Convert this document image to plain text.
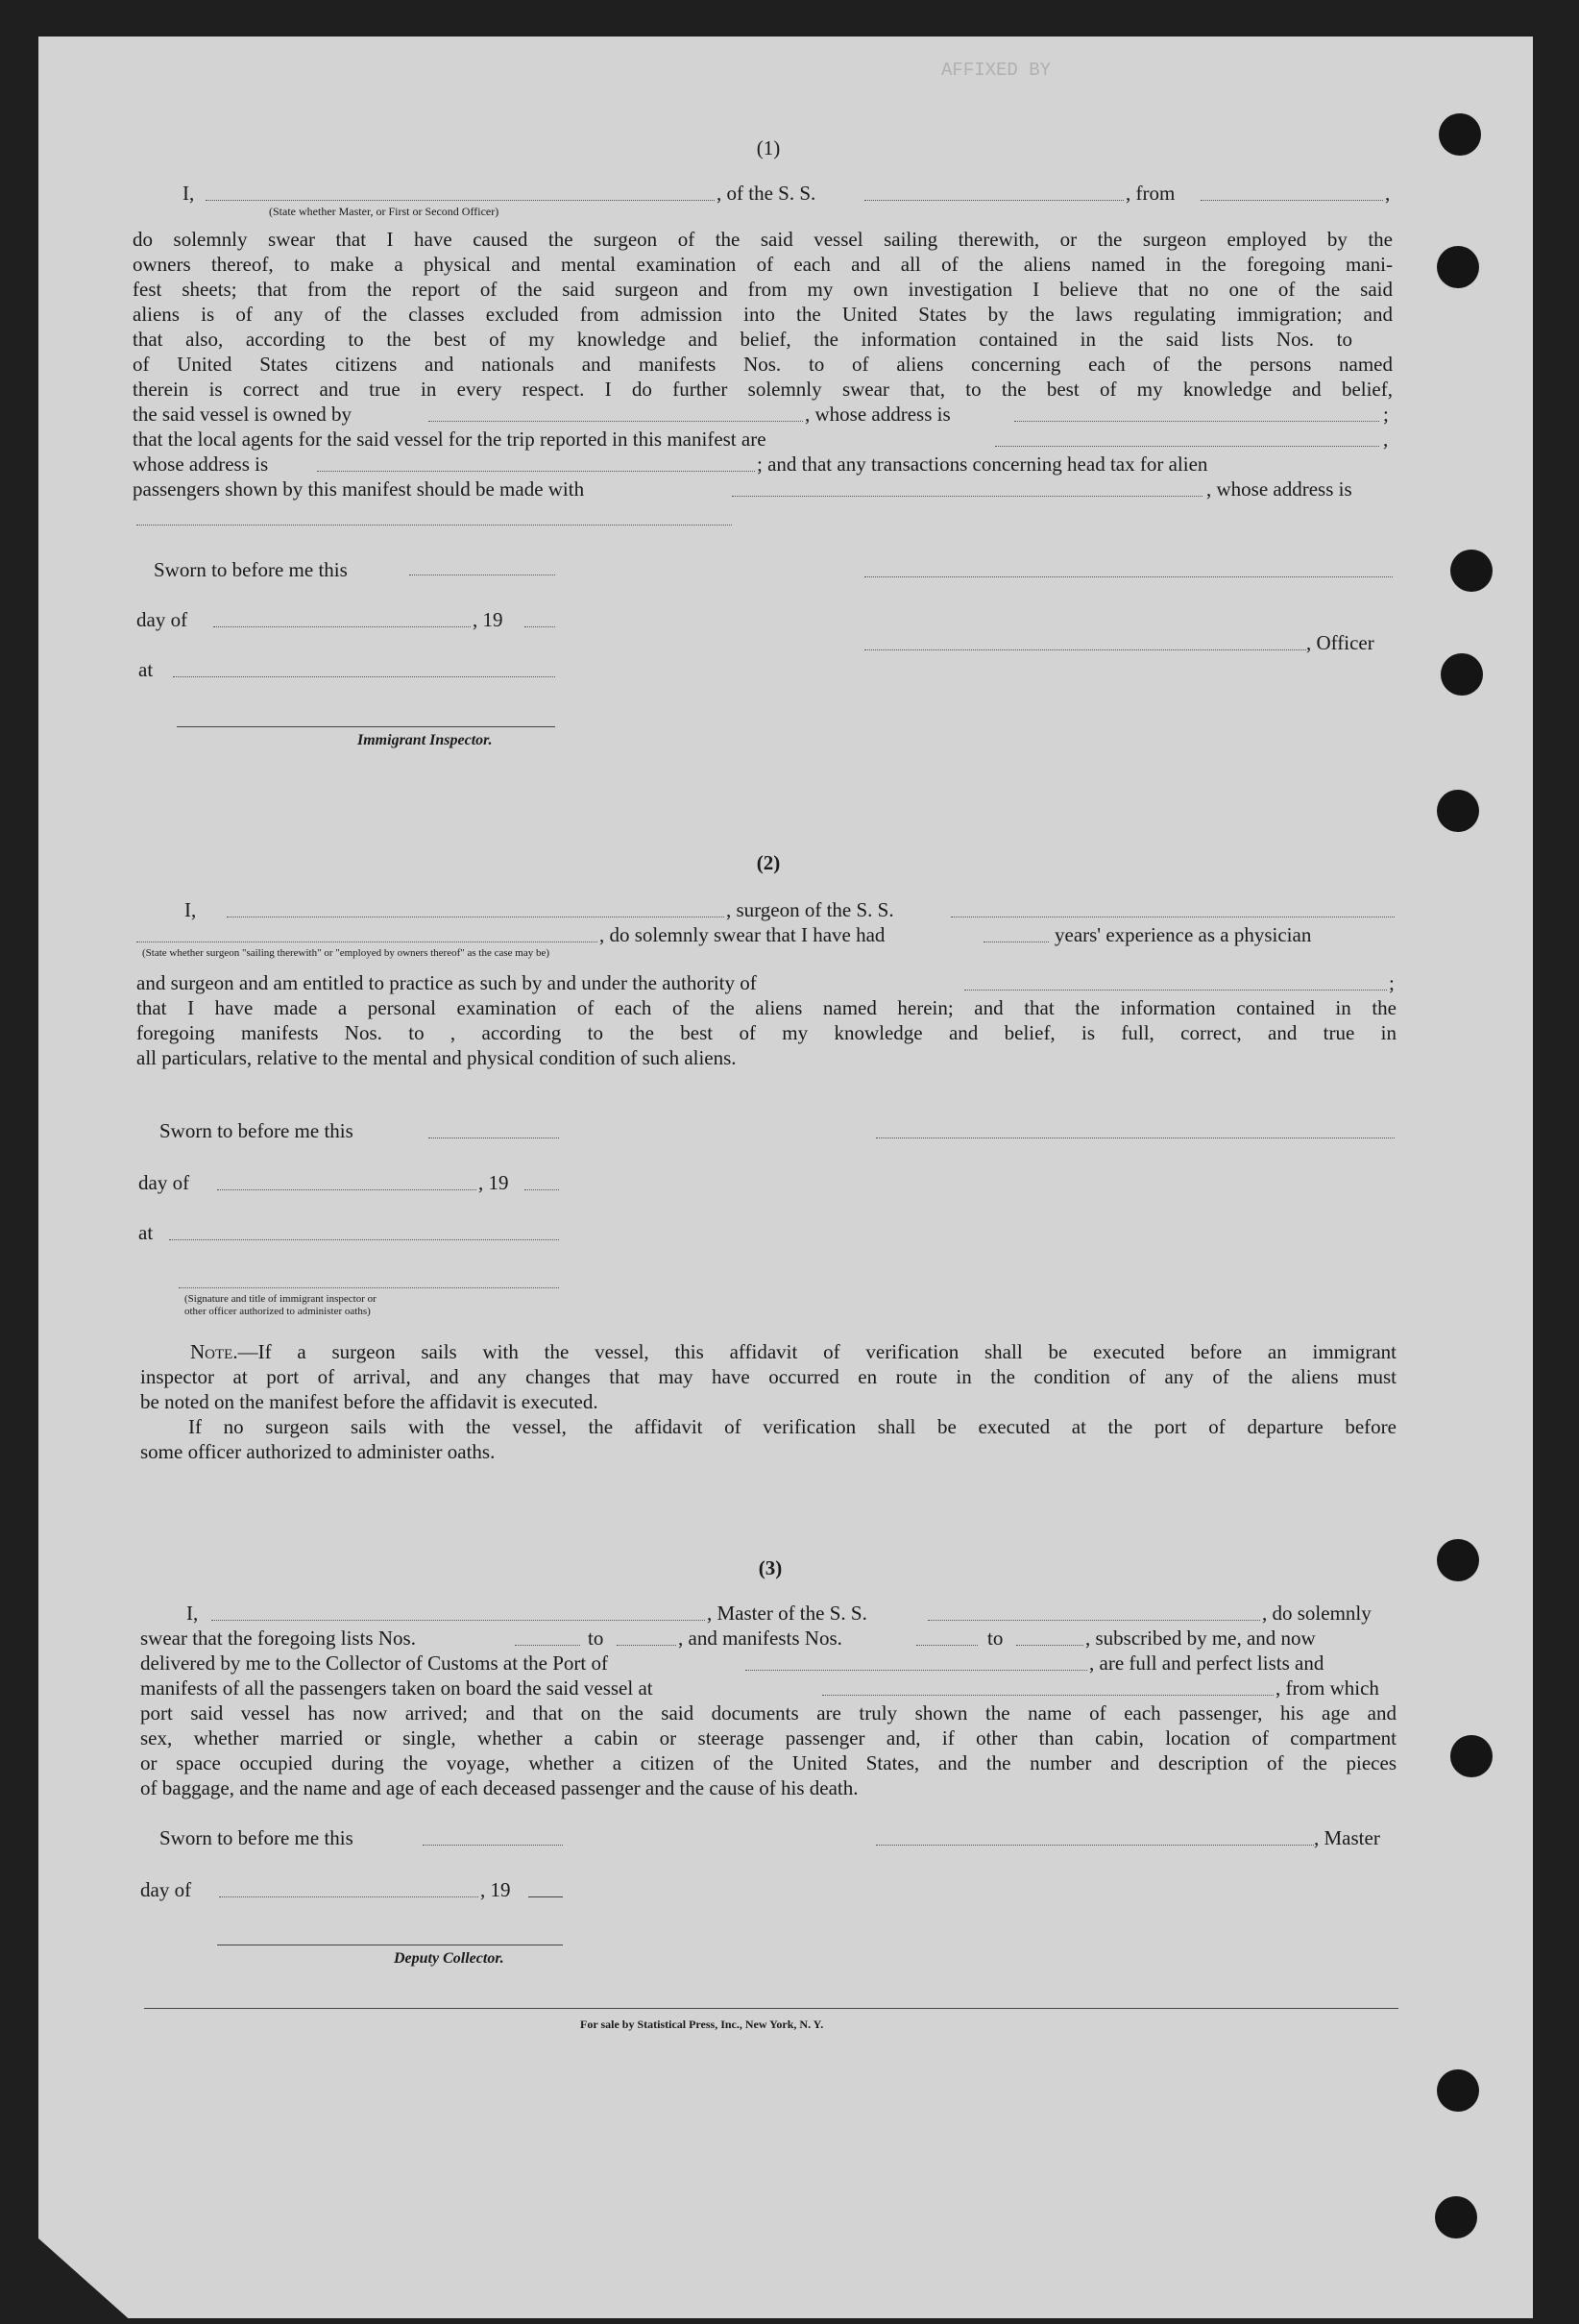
AFFIXED BY
(1)
I,	, of the S. S.	, from	,
(State whether Master, or First or Second Officer)
do solemnly swear that I have caused the surgeon of the said vessel sailing therewith, or the surgeon employed by the
owners thereof, to make a physical and mental examination of each and all of the aliens named in the foregoing mani-
fest sheets; that from the report of the said surgeon and from my own investigation I believe that no one of the said
aliens is of any of the classes excluded from admission into the United States by the laws regulating immigration; and
that also, according to the best of my knowledge and belief, the information contained in the said lists Nos. to
of United States citizens and nationals and manifests Nos. to of aliens concerning each of the persons named
therein is correct and true in every respect. I do further solemnly swear that, to the best of my knowledge and belief,
the said vessel is owned by	, whose address is	;
that the local agents for the said vessel for the trip reported in this manifest are	,
whose address is	; and that any transactions concerning head tax for alien
passengers shown by this manifest should be made with	, whose address is
Sworn to before me this
day of	, 19
, Officer
at
Immigrant Inspector.
(2)
I,	, surgeon of the S. S.
, do solemnly swear that I have had	years' experience as a physician
(State whether surgeon "sailing therewith" or "employed by owners thereof" as the case may be)
and surgeon and am entitled to practice as such by and under the authority of	;
that I have made a personal examination of each of the aliens named herein; and that the information contained in the
foregoing manifests Nos. to , according to the best of my knowledge and belief, is full, correct, and true in
all particulars, relative to the mental and physical condition of such aliens.
Sworn to before me this
day of	, 19
at
(Signature and title of immigrant inspector or
other officer authorized to administer oaths)
Note.—If a surgeon sails with the vessel, this affidavit of verification shall be executed before an immigrant
inspector at port of arrival, and any changes that may have occurred en route in the condition of any of the aliens must
be noted on the manifest before the affidavit is executed.
If no surgeon sails with the vessel, the affidavit of verification shall be executed at the port of departure before
some officer authorized to administer oaths.
(3)
I,	, Master of the S. S.	, do solemnly
swear that the foregoing lists Nos.	to	, and manifests Nos.	to	, subscribed by me, and now
delivered by me to the Collector of Customs at the Port of	, are full and perfect lists and
manifests of all the passengers taken on board the said vessel at	, from which
port said vessel has now arrived; and that on the said documents are truly shown the name of each passenger, his age and
sex, whether married or single, whether a cabin or steerage passenger and, if other than cabin, location of compartment
or space occupied during the voyage, whether a citizen of the United States, and the number and description of the pieces
of baggage, and the name and age of each deceased passenger and the cause of his death.
Sworn to before me this	, Master
day of	, 19
Deputy Collector.
For sale by Statistical Press, Inc., New York, N. Y.
